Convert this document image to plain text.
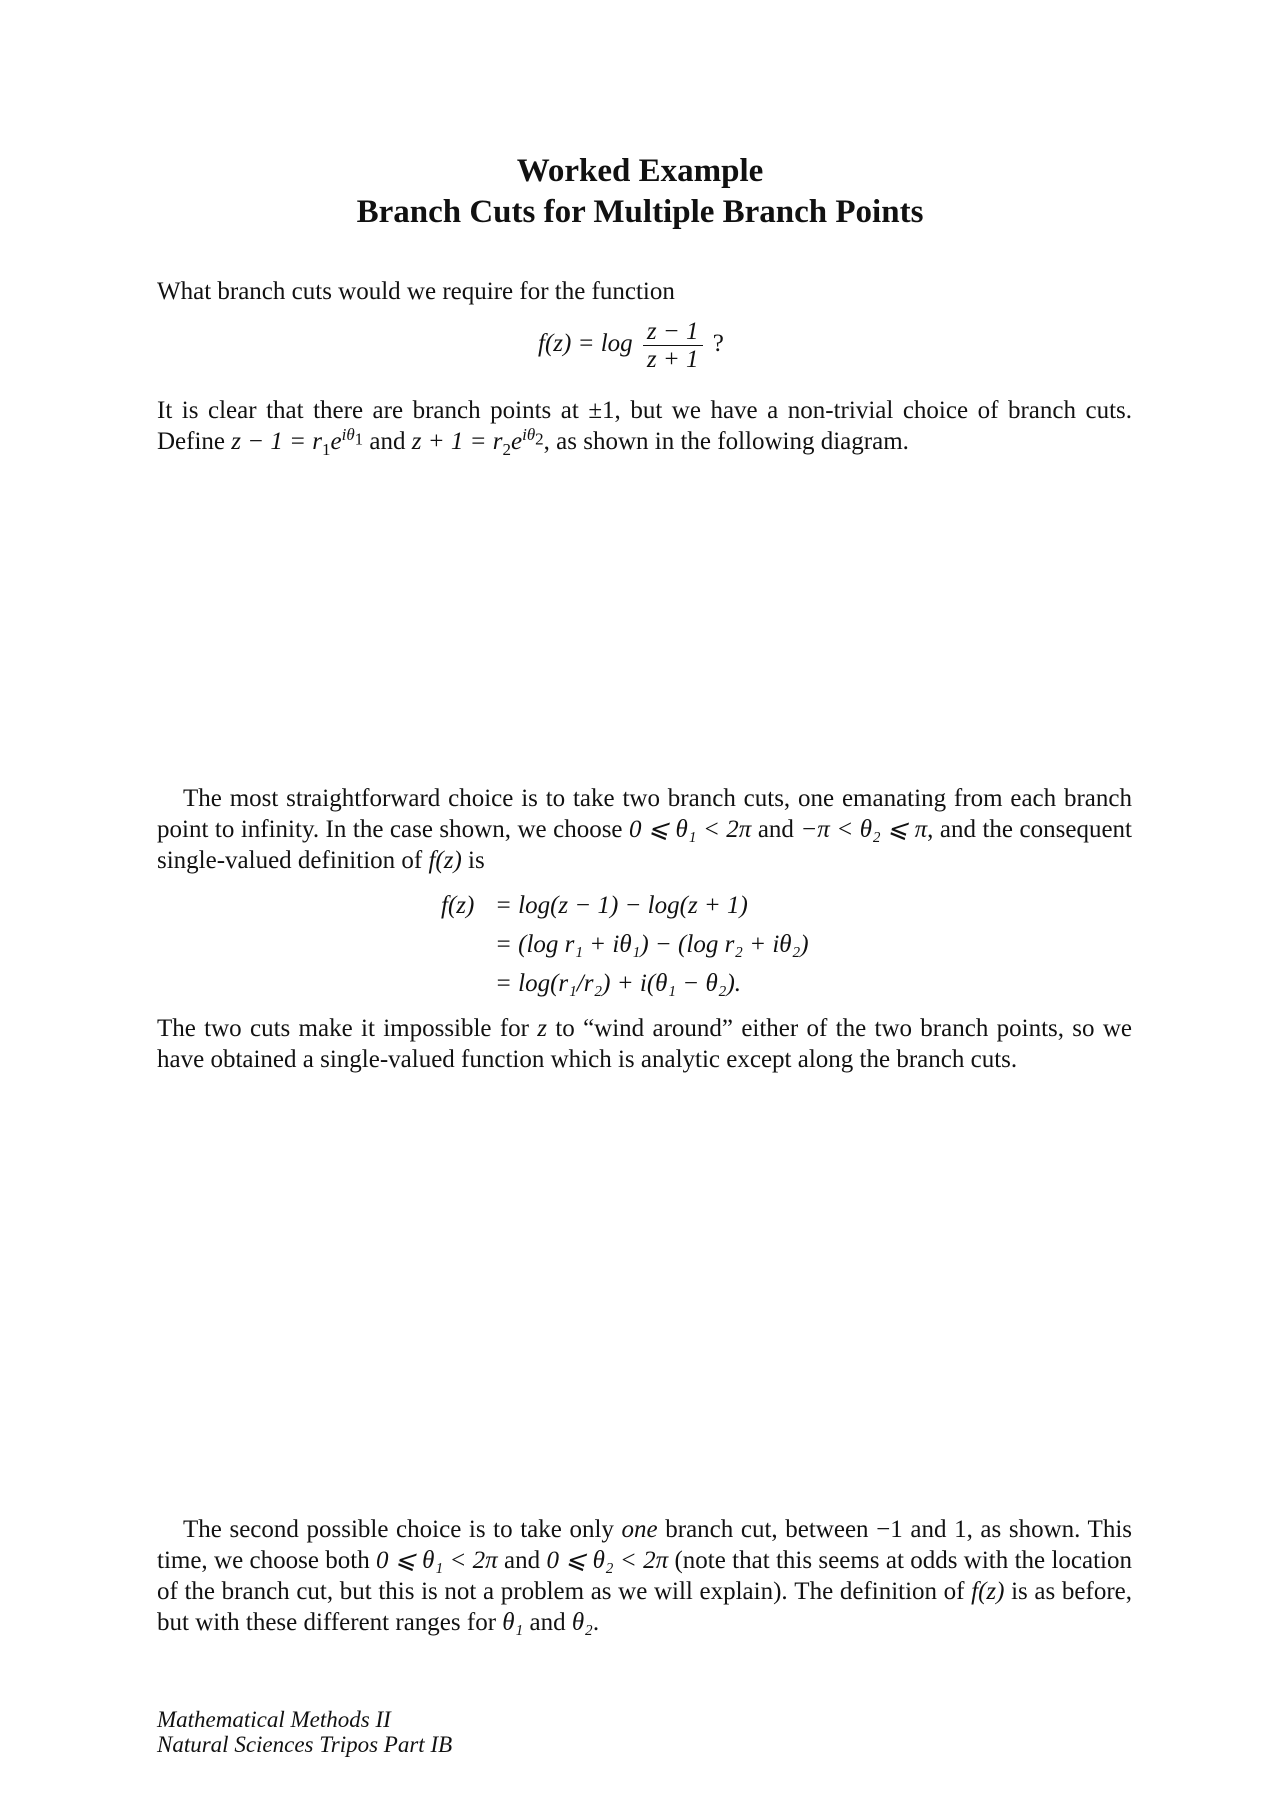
Worked Example
Branch Cuts for Multiple Branch Points
What branch cuts would we require for the function
$f(z) = \log \frac{z - 1}{z + 1}$ ?
It is clear that there are branch points at ±1, but we have a non-trivial choice of branch cuts. Define $z - 1 = r_1e^{i\theta_1}$ and $z + 1 = r_2e^{i\theta_2}$, as shown in the following diagram.
The most straightforward choice is to take two branch cuts, one emanating from each branch point to infinity. In the case shown, we choose 0 ⩽ θ₁ < 2π and −π < θ₂ ⩽ π, and the consequent single-valued definition of f(z) is
f(z) = log(z − 1) − log(z + 1)
= (log r₁ + iθ₁) − (log r₂ + iθ₂)
= log(r₁/r₂) + i(θ₁ − θ₂).
The two cuts make it impossible for z to “wind around” either of the two branch points, so we have obtained a single-valued function which is analytic except along the branch cuts.
The second possible choice is to take only one branch cut, between −1 and 1, as shown. This time, we choose both 0 ⩽ θ₁ < 2π and 0 ⩽ θ₂ < 2π (note that this seems at odds with the location of the branch cut, but this is not a problem as we will explain). The definition of f(z) is as before, but with these different ranges for θ₁ and θ₂.
Mathematical Methods II
Natural Sciences Tripos Part IB
